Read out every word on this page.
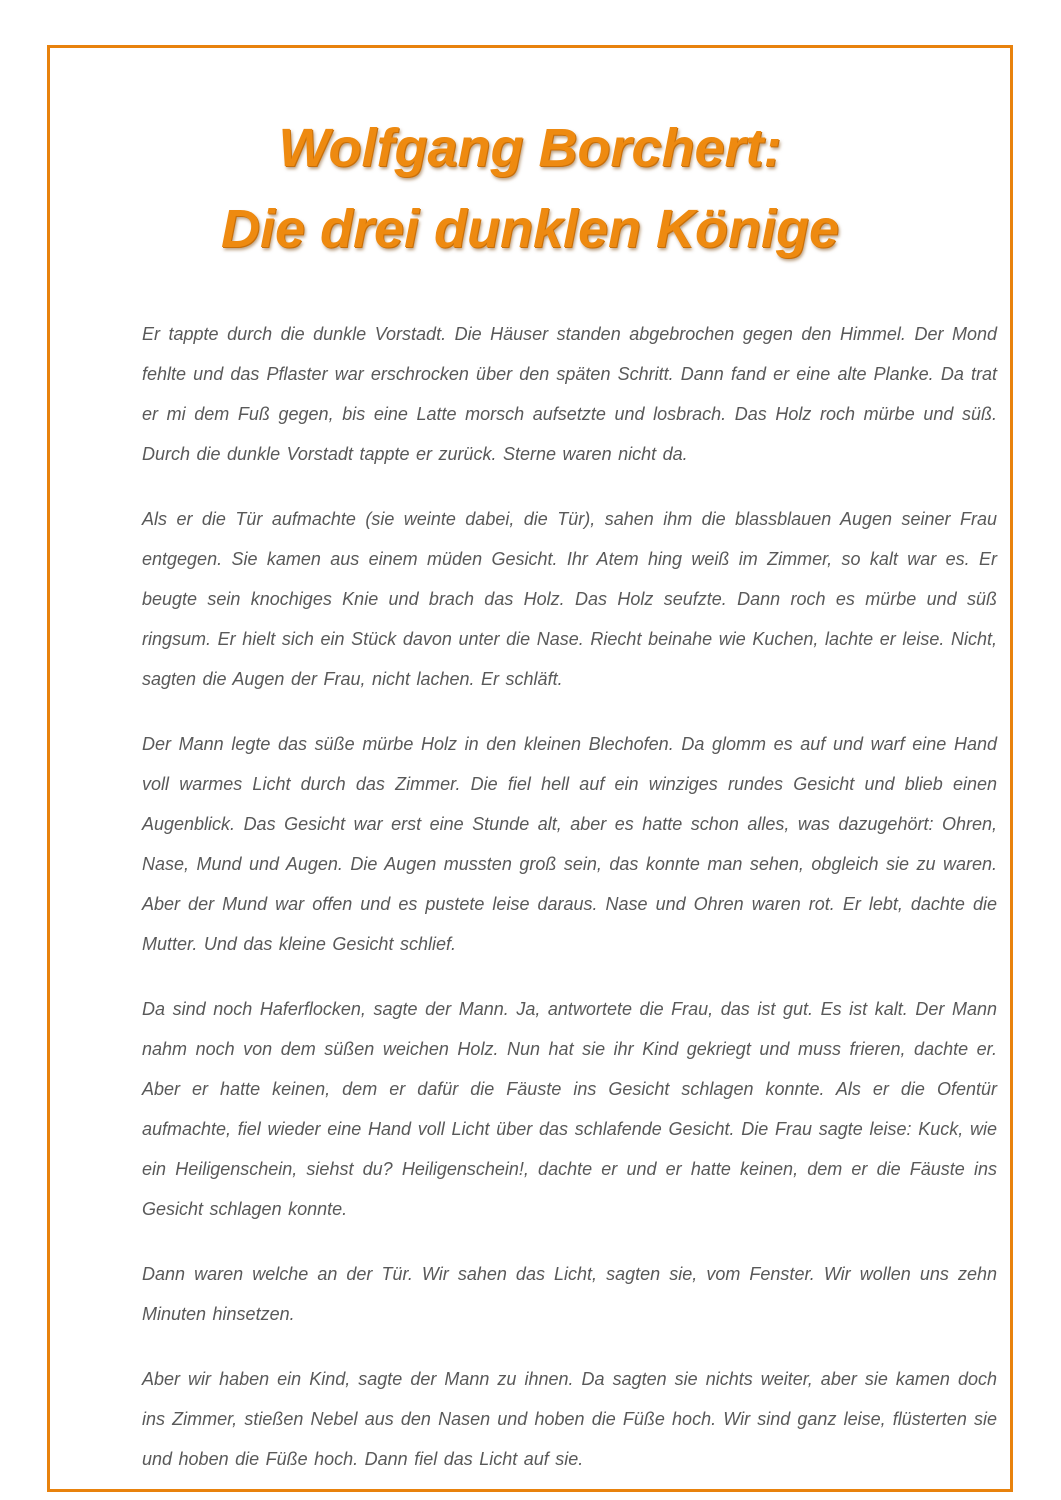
Wolfgang Borchert:
Die drei dunklen Könige

Er tappte durch die dunkle Vorstadt. Die Häuser standen abgebrochen gegen den Himmel. Der Mond fehlte und das Pflaster war erschrocken über den späten Schritt. Dann fand er eine alte Planke. Da trat er mi dem Fuß gegen, bis eine Latte morsch aufsetzte und losbrach. Das Holz roch mürbe und süß. Durch die dunkle Vorstadt tappte er zurück. Sterne waren nicht da.

Als er die Tür aufmachte (sie weinte dabei, die Tür), sahen ihm die blassblauen Augen seiner Frau entgegen. Sie kamen aus einem müden Gesicht. Ihr Atem hing weiß im Zimmer, so kalt war es. Er beugte sein knochiges Knie und brach das Holz. Das Holz seufzte. Dann roch es mürbe und süß ringsum. Er hielt sich ein Stück davon unter die Nase. Riecht beinahe wie Kuchen, lachte er leise. Nicht, sagten die Augen der Frau, nicht lachen. Er schläft.

Der Mann legte das süße mürbe Holz in den kleinen Blechofen. Da glomm es auf und warf eine Hand voll warmes Licht durch das Zimmer. Die fiel hell auf ein winziges rundes Gesicht und blieb einen Augenblick. Das Gesicht war erst eine Stunde alt, aber es hatte schon alles, was dazugehört: Ohren, Nase, Mund und Augen. Die Augen mussten groß sein, das konnte man sehen, obgleich sie zu waren. Aber der Mund war offen und es pustete leise daraus. Nase und Ohren waren rot. Er lebt, dachte die Mutter. Und das kleine Gesicht schlief.

Da sind noch Haferflocken, sagte der Mann. Ja, antwortete die Frau, das ist gut. Es ist kalt. Der Mann nahm noch von dem süßen weichen Holz. Nun hat sie ihr Kind gekriegt und muss frieren, dachte er. Aber er hatte keinen, dem er dafür die Fäuste ins Gesicht schlagen konnte. Als er die Ofentür aufmachte, fiel wieder eine Hand voll Licht über das schlafende Gesicht. Die Frau sagte leise: Kuck, wie ein Heiligenschein, siehst du? Heiligenschein!, dachte er und er hatte keinen, dem er die Fäuste ins Gesicht schlagen konnte.

Dann waren welche an der Tür. Wir sahen das Licht, sagten sie, vom Fenster. Wir wollen uns zehn Minuten hinsetzen.

Aber wir haben ein Kind, sagte der Mann zu ihnen. Da sagten sie nichts weiter, aber sie kamen doch ins Zimmer, stießen Nebel aus den Nasen und hoben die Füße hoch. Wir sind ganz leise, flüsterten sie und hoben die Füße hoch. Dann fiel das Licht auf sie.
